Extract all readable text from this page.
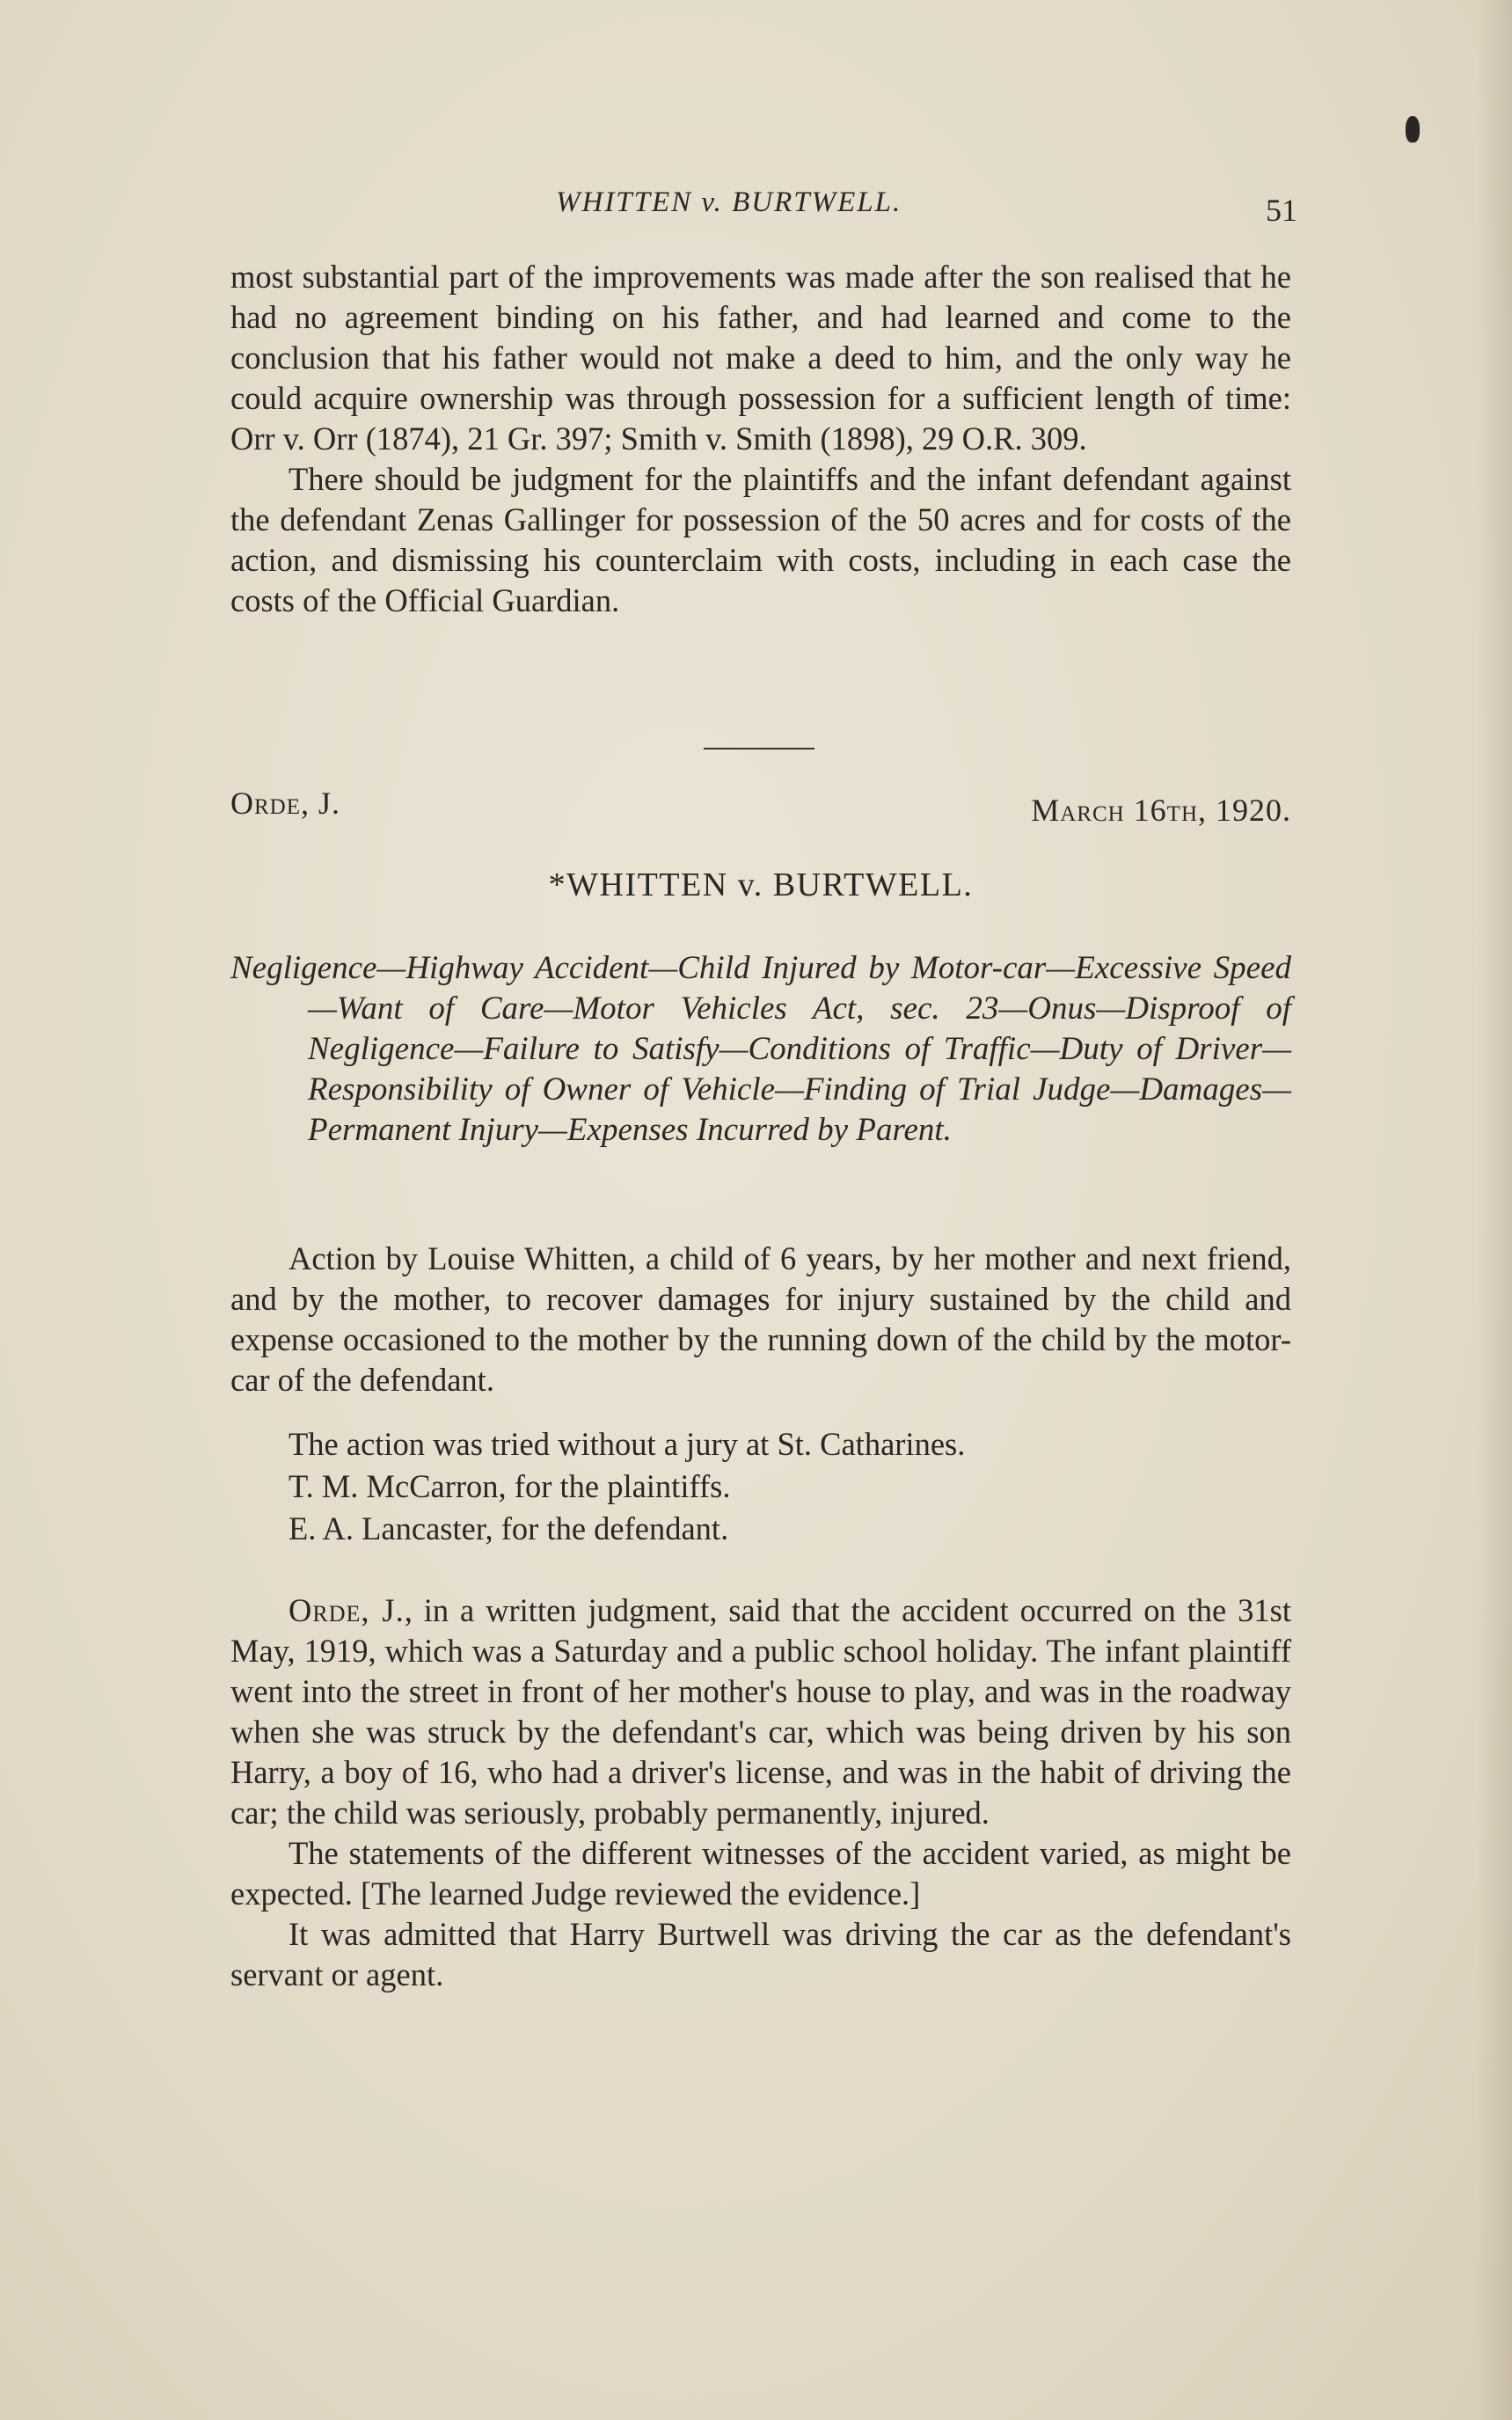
WHITTEN v. BURTWELL.	51

most substantial part of the improvements was made after the son realised that he had no agreement binding on his father, and had learned and come to the conclusion that his father would not make a deed to him, and the only way he could acquire ownership was through possession for a sufficient length of time: Orr v. Orr (1874), 21 Gr. 397; Smith v. Smith (1898), 29 O.R. 309.

There should be judgment for the plaintiffs and the infant defendant against the defendant Zenas Gallinger for possession of the 50 acres and for costs of the action, and dismissing his counterclaim with costs, including in each case the costs of the Official Guardian.

Orde, J.	March 16th, 1920.
*WHITTEN v. BURTWELL.
Negligence—Highway Accident—Child Injured by Motor-car—Excessive Speed—Want of Care—Motor Vehicles Act, sec. 23—Onus—Disproof of Negligence—Failure to Satisfy—Conditions of Traffic—Duty of Driver—Responsibility of Owner of Vehicle—Finding of Trial Judge—Damages—Permanent Injury—Expenses Incurred by Parent.

Action by Louise Whitten, a child of 6 years, by her mother and next friend, and by the mother, to recover damages for injury sustained by the child and expense occasioned to the mother by the running down of the child by the motor-car of the defendant.

The action was tried without a jury at St. Catharines.

T. M. McCarron, for the plaintiffs.

E. A. Lancaster, for the defendant.

Orde, J., in a written judgment, said that the accident occurred on the 31st May, 1919, which was a Saturday and a public school holiday. The infant plaintiff went into the street in front of her mother's house to play, and was in the roadway when she was struck by the defendant's car, which was being driven by his son Harry, a boy of 16, who had a driver's license, and was in the habit of driving the car; the child was seriously, probably permanently, injured.

The statements of the different witnesses of the accident varied, as might be expected. [The learned Judge reviewed the evidence.]

It was admitted that Harry Burtwell was driving the car as the defendant's servant or agent.
